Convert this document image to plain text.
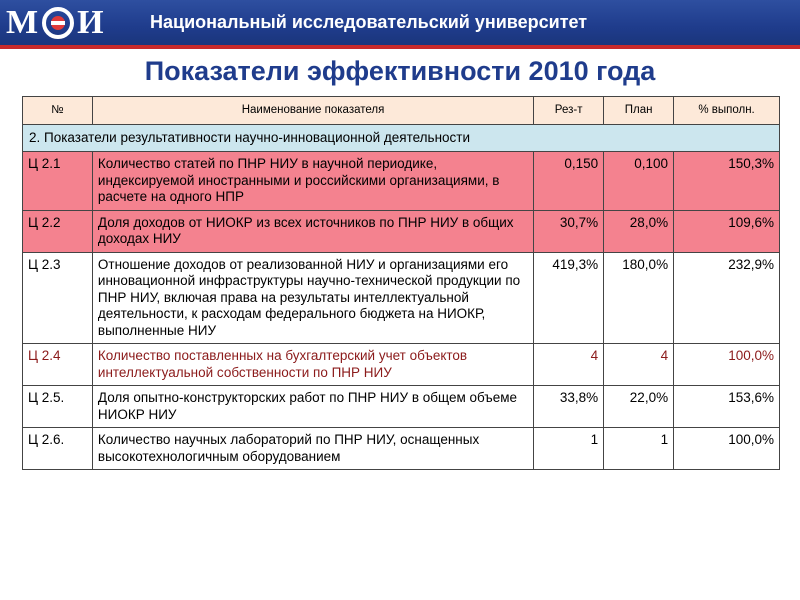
М И	Национальный исследовательский университет
Показатели эффективности 2010 года
№	Наименование показателя	Рез-т	План	% выполн.
2. Показатели результативности научно-инновационной деятельности				
Ц 2.1	Количество статей по ПНР НИУ в научной периодике, индексируемой иностранными и российскими организациями, в расчете на одного НПР	0,150	0,100	150,3%
Ц 2.2	Доля доходов от НИОКР из всех источников по ПНР НИУ в общих доходах НИУ	30,7%	28,0%	109,6%
Ц 2.3	Отношение доходов от реализованной НИУ и организациями его инновационной инфраструктуры научно-технической продукции по ПНР НИУ, включая права на результаты интеллектуальной деятельности, к расходам федерального бюджета на НИОКР, выполненные НИУ	419,3%	180,0%	232,9%
Ц 2.4	Количество поставленных на бухгалтерский учет объектов интеллектуальной собственности по ПНР НИУ	4	4	100,0%
Ц 2.5.	Доля опытно-конструкторских работ по ПНР НИУ в общем объеме НИОКР НИУ	33,8%	22,0%	153,6%
Ц 2.6.	Количество научных лабораторий по ПНР НИУ, оснащенных высокотехнологичным оборудованием	1	1	100,0%
